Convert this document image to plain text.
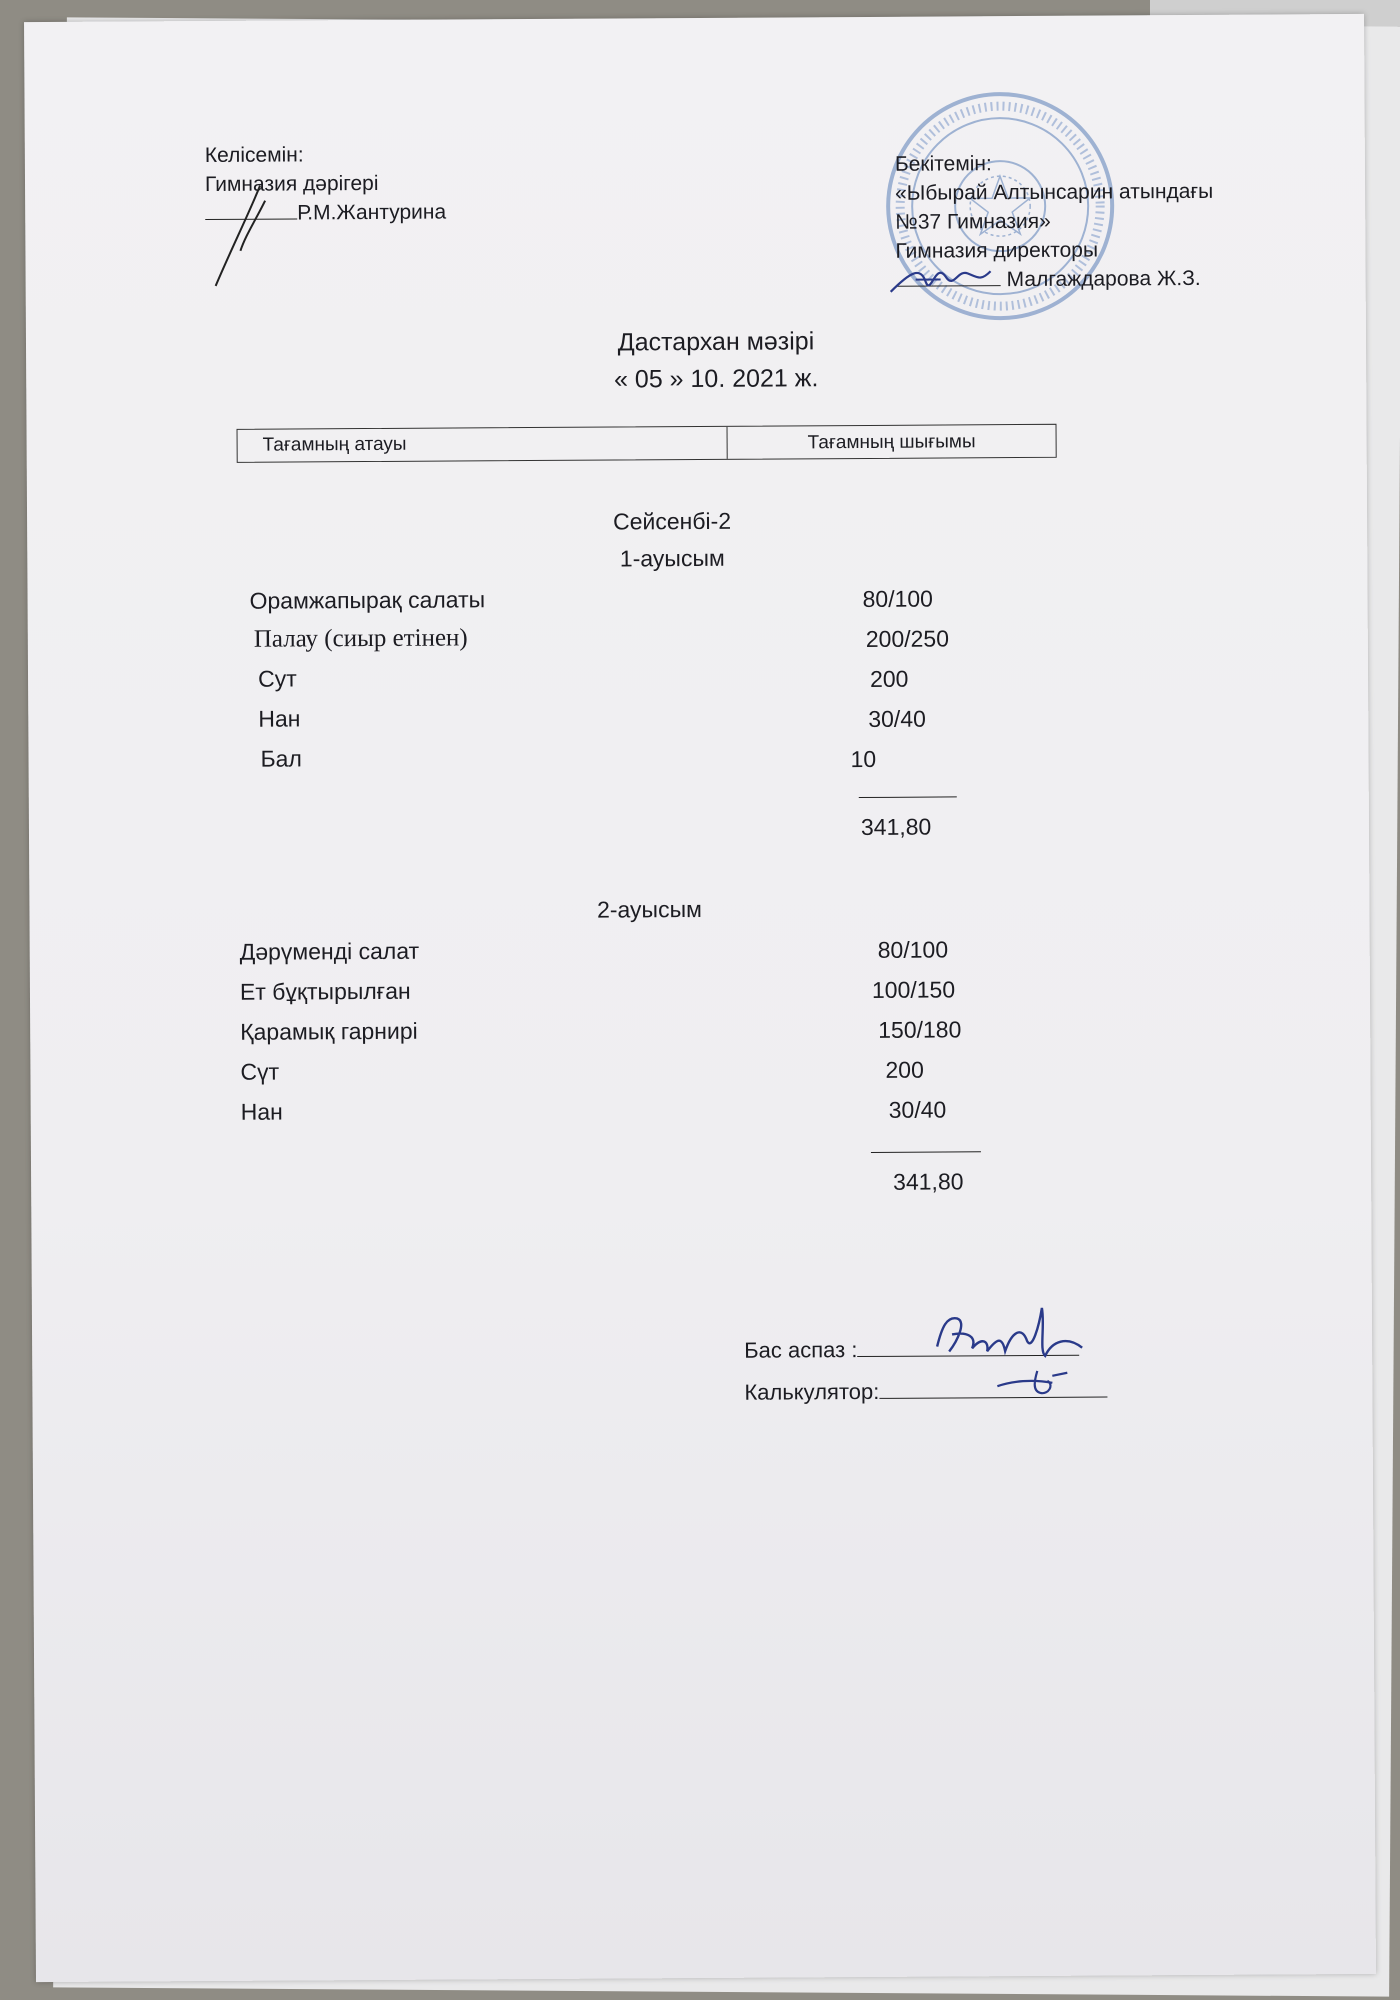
Келісемін:
Гимназия дәрігері
Р.М.Жантурина
Бекітемін:
«Ыбырай Алтынсарин атындағы
№37 Гимназия»
Гимназия директоры
Малгаждарова Ж.З.
Дастархан мәзірі
« 05 » 10. 2021 ж.
Тағамның атауы	Тағамның шығымы
Сейсенбі-2
1-ауысым
Орамжапырақ салаты	80/100
Палау (сиыр етінен)	200/250
Сут	200
Нан	30/40
Бал	10
341,80
2-ауысым
Дәрүменді салат	80/100
Ет бұқтырылған	100/150
Қарамық гарнирі	150/180
Сүт	200
Нан	30/40
341,80
Бас аспаз :
Калькулятор:
